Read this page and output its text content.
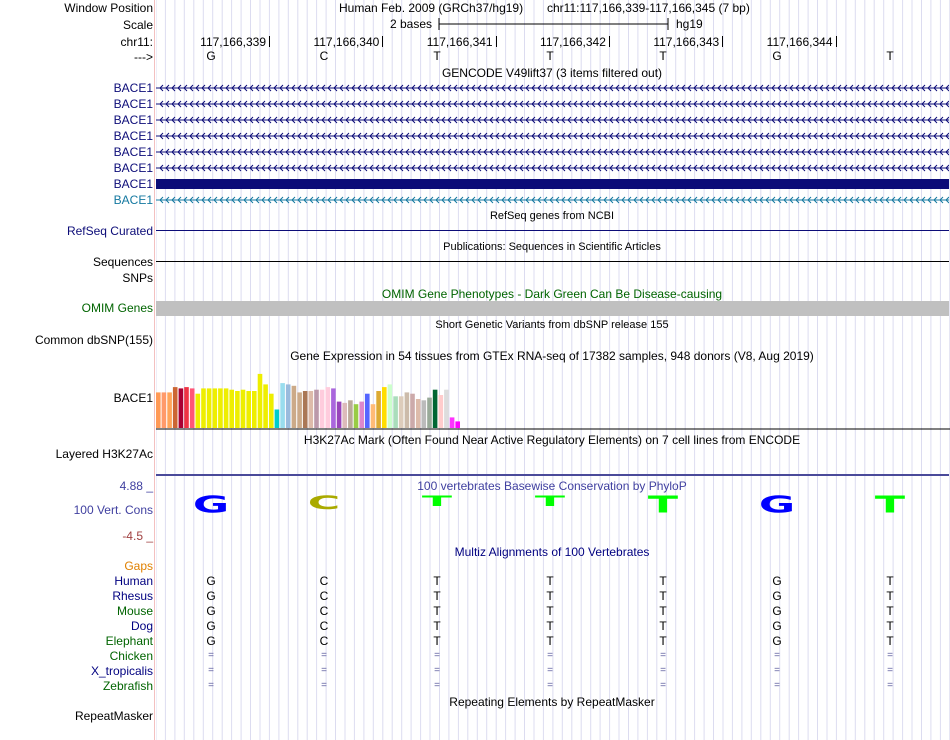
Window Position	Human Feb. 2009 (GRCh37/hg19) chr11:117,166,339-117,166,345 (7 bp)
Scale	2 bases	hg19
chr11:
--->
117,166,339	117,166,340	117,166,341	117,166,342	117,166,343	117,166,344
G	C	T	T	T	G	T
GENCODE V49lift37 (3 items filtered out)
BACE1
BACE1
BACE1
BACE1
BACE1
BACE1
BACE1
BACE1
RefSeq genes from NCBI
RefSeq Curated
Publications: Sequences in Scientific Articles
Sequences
SNPs
OMIM Gene Phenotypes - Dark Green Can Be Disease-causing
OMIM Genes
Short Genetic Variants from dbSNP release 155
Common dbSNP(155)
Gene Expression in 54 tissues from GTEx RNA-seq of 17382 samples, 948 donors (V8, Aug 2019)
BACE1
H3K27Ac Mark (Often Found Near Active Regulatory Elements) on 7 cell lines from ENCODE
Layered H3K27Ac
100 vertebrates Basewise Conservation by PhyloP
4.88 _
100 Vert. Cons
-4.5 _
G	C	T	T	T	G	T
Multiz Alignments of 100 Vertebrates
Gaps
Human	G	C	T	T	T	G	T
Rhesus	G	C	T	T	T	G	T
Mouse	G	C	T	T	T	G	T
Dog	G	C	T	T	T	G	T
Elephant	G	C	T	T	T	G	T
Chicken	=	=	=	=	=	=	=
X_tropicalis	=	=	=	=	=	=	=
Zebrafish	=	=	=	=	=	=	=
Repeating Elements by RepeatMasker
RepeatMasker
